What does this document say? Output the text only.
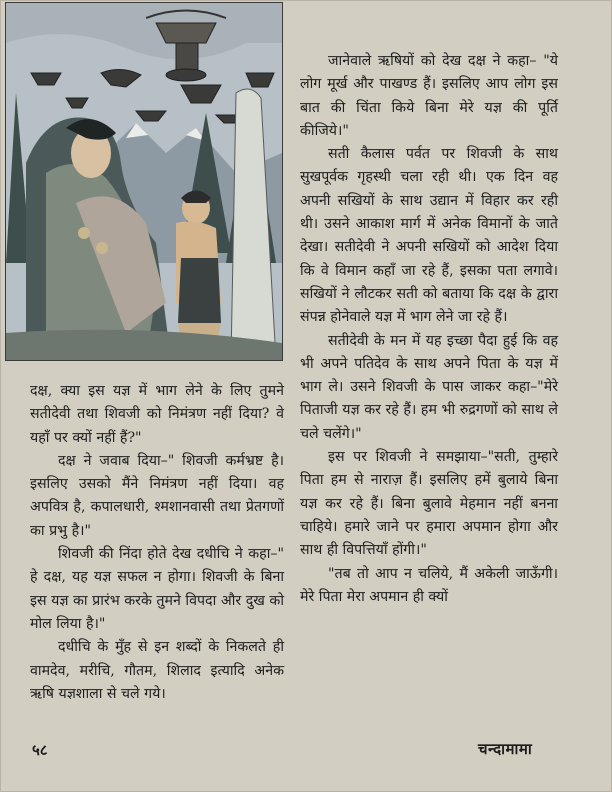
दक्ष, क्या इस यज्ञ में भाग लेने के लिए तुमने सतीदेवी तथा शिवजी को निमंत्रण नहीं दिया? वे यहाँ पर क्यों नहीं हैं?"

दक्ष ने जवाब दिया–" शिवजी कर्मभ्रष्ट है। इसलिए उसको मैंने निमंत्रण नहीं दिया। वह अपवित्र है, कपालधारी, श्मशानवासी तथा प्रेतगणों का प्रभु है।"

शिवजी की निंदा होते देख दधीचि ने कहा–" हे दक्ष, यह यज्ञ सफल न होगा। शिवजी के बिना इस यज्ञ का प्रारंभ करके तुमने विपदा और दुख को मोल लिया है।"

दधीचि के मुँह से इन शब्दों के निकलते ही वामदेव, मरीचि, गौतम, शिलाद इत्यादि अनेक ऋषि यज्ञशाला से चले गये।

जानेवाले ऋषियों को देख दक्ष ने कहा– "ये लोग मूर्ख और पाखण्ड हैं। इसलिए आप लोग इस बात की चिंता किये बिना मेरे यज्ञ की पूर्ति कीजिये।"

सती कैलास पर्वत पर शिवजी के साथ सुखपूर्वक गृहस्थी चला रही थी। एक दिन वह अपनी सखियों के साथ उद्यान में विहार कर रही थी। उसने आकाश मार्ग में अनेक विमानों के जाते देखा। सतीदेवी ने अपनी सखियों को आदेश दिया कि वे विमान कहाँ जा रहे हैं, इसका पता लगावे। सखियों ने लौटकर सती को बताया कि दक्ष के द्वारा संपन्न होनेवाले यज्ञ में भाग लेने जा रहे हैं।

सतीदेवी के मन में यह इच्छा पैदा हुई कि वह भी अपने पतिदेव के साथ अपने पिता के यज्ञ में भाग ले। उसने शिवजी के पास जाकर कहा–"मेरे पिताजी यज्ञ कर रहे हैं। हम भी रुद्रगणों को साथ ले चले चलेंगे।"

इस पर शिवजी ने समझाया–"सती, तुम्हारे पिता हम से नाराज़ हैं। इसलिए हमें बुलाये बिना यज्ञ कर रहे हैं। बिना बुलावे मेहमान नहीं बनना चाहिये। हमारे जाने पर हमारा अपमान होगा और साथ ही विपत्तियाँ होंगी।"

"तब तो आप न चलिये, मैं अकेली जाऊँगी। मेरे पिता मेरा अपमान ही क्यों

५८	चन्दामामा
